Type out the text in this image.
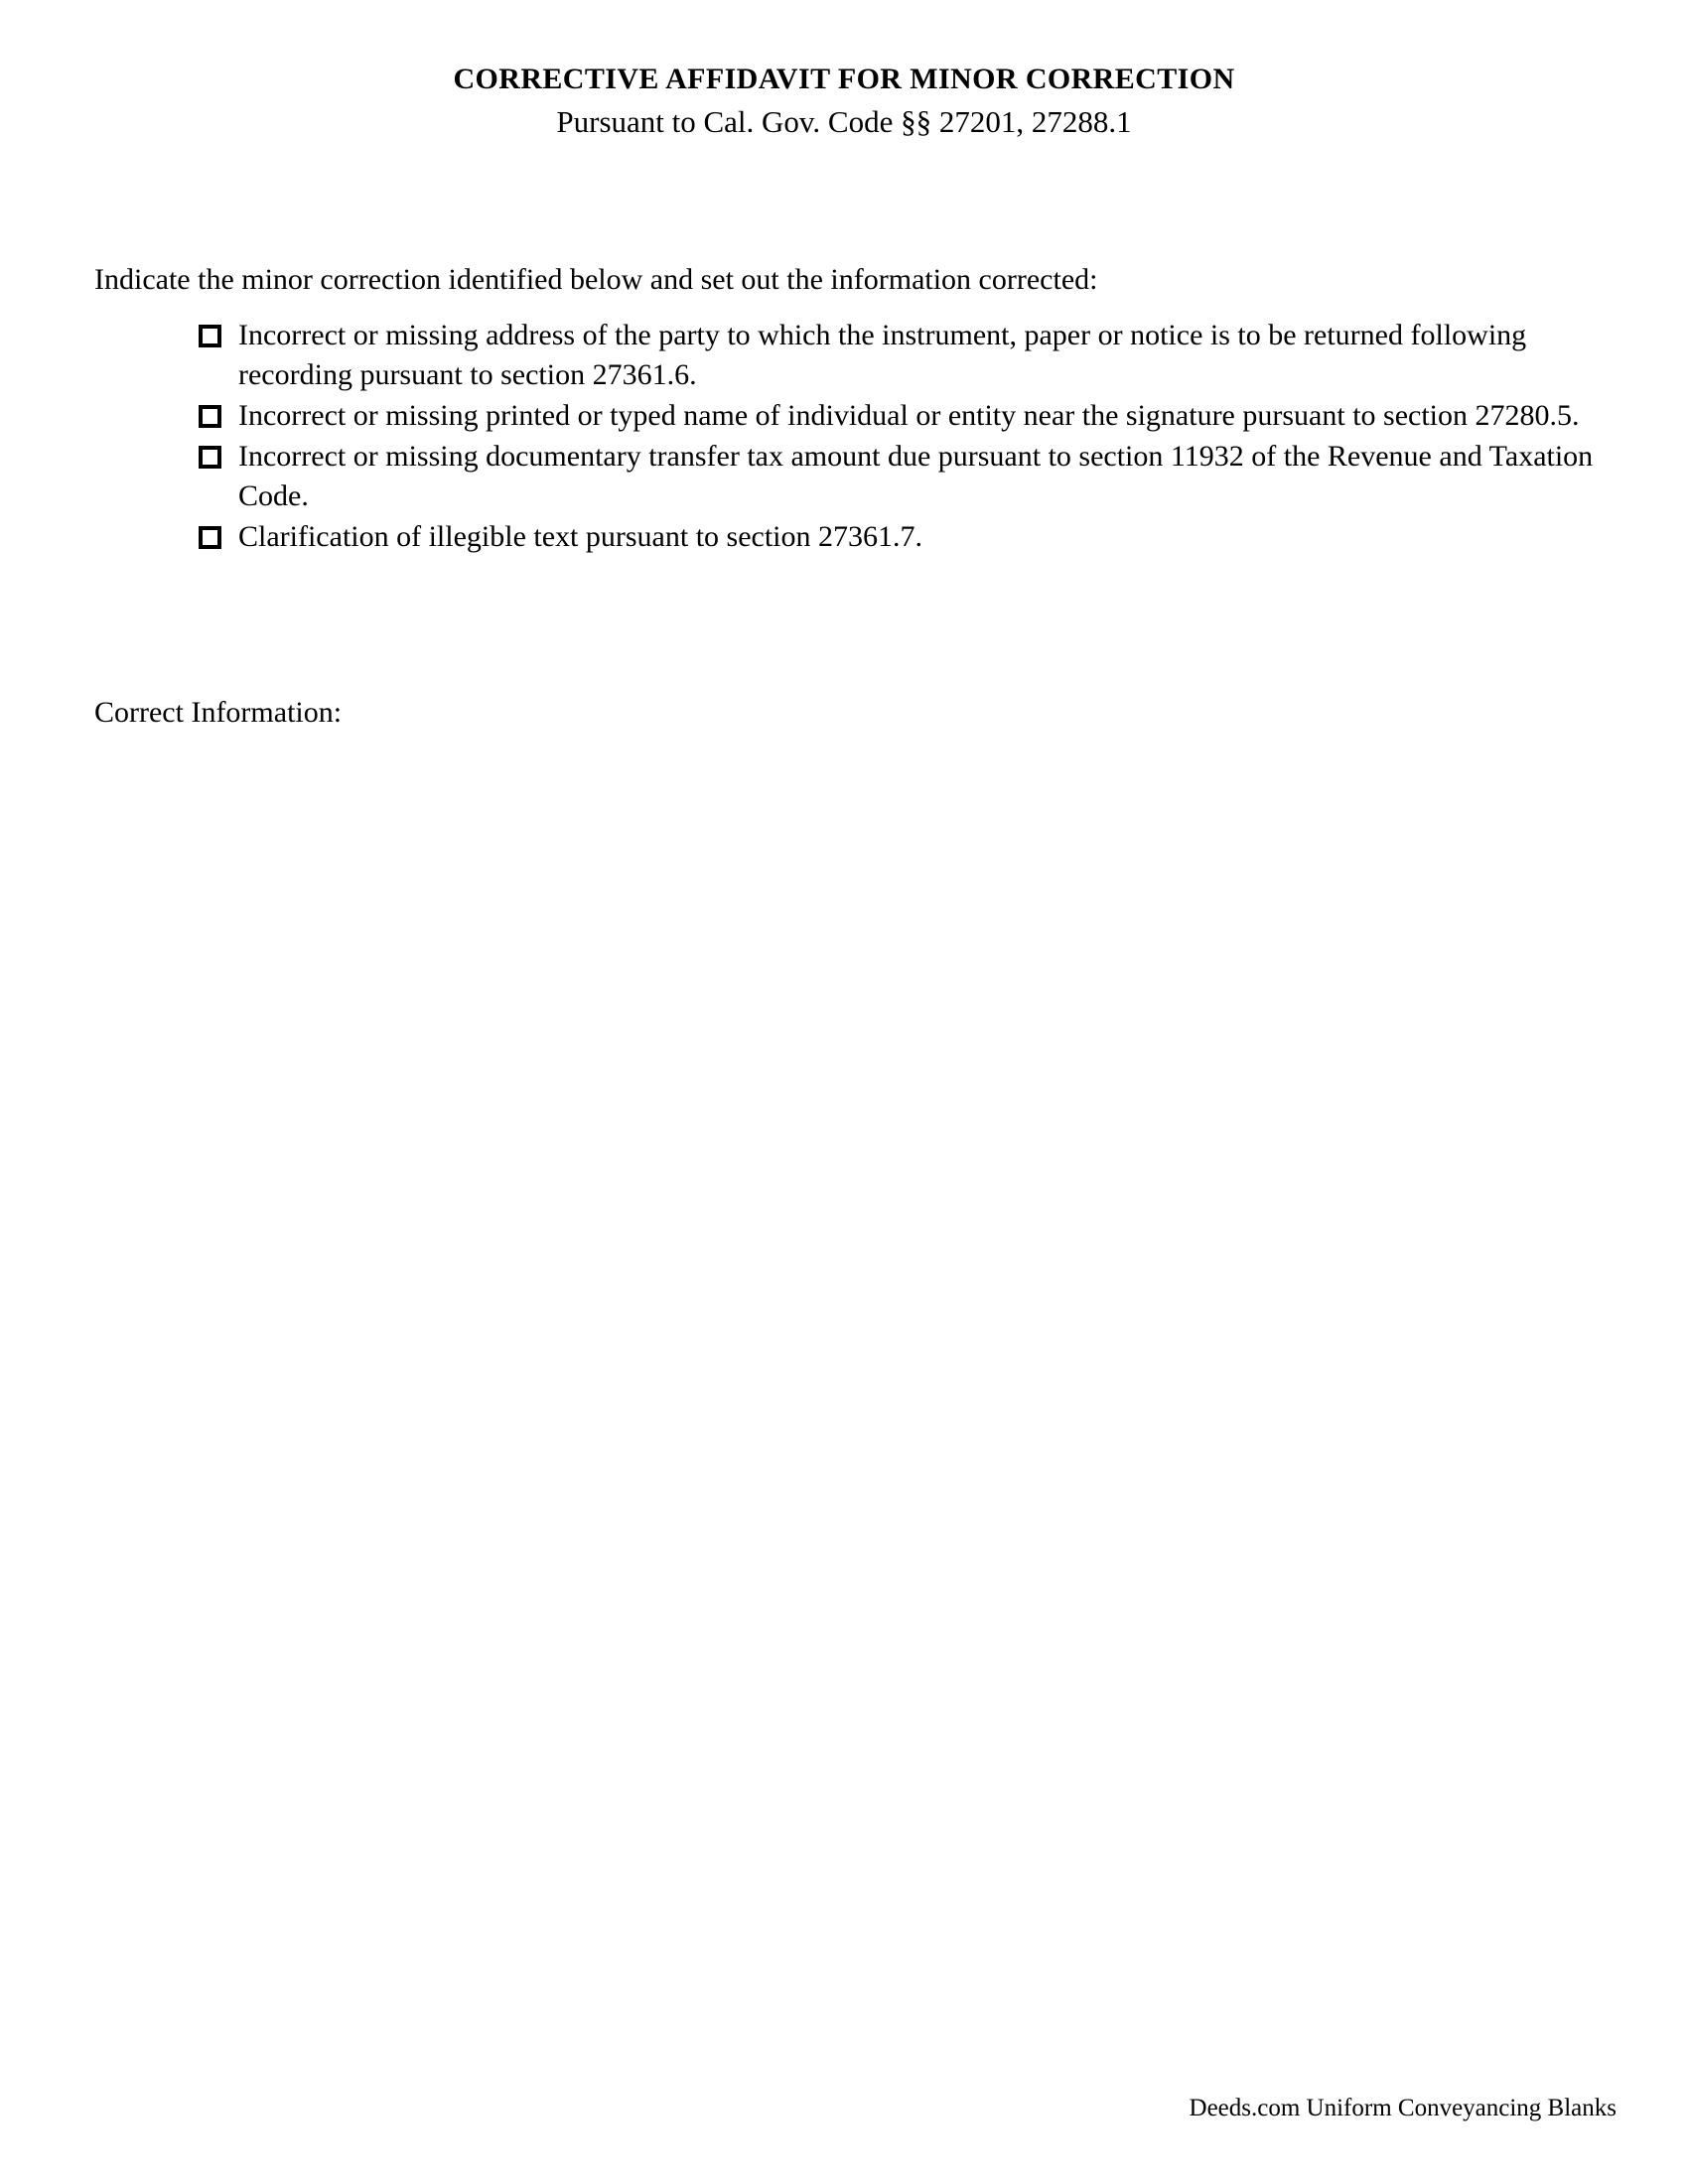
CORRECTIVE AFFIDAVIT FOR MINOR CORRECTION
Pursuant to Cal. Gov. Code §§ 27201, 27288.1

Indicate the minor correction identified below and set out the information corrected:

Incorrect or missing address of the party to which the instrument, paper or notice is to be returned following recording pursuant to section 27361.6.
Incorrect or missing printed or typed name of individual or entity near the signature pursuant to section 27280.5.
Incorrect or missing documentary transfer tax amount due pursuant to section 11932 of the Revenue and Taxation Code.
Clarification of illegible text pursuant to section 27361.7.

Correct Information:

Deeds.com Uniform Conveyancing Blanks
